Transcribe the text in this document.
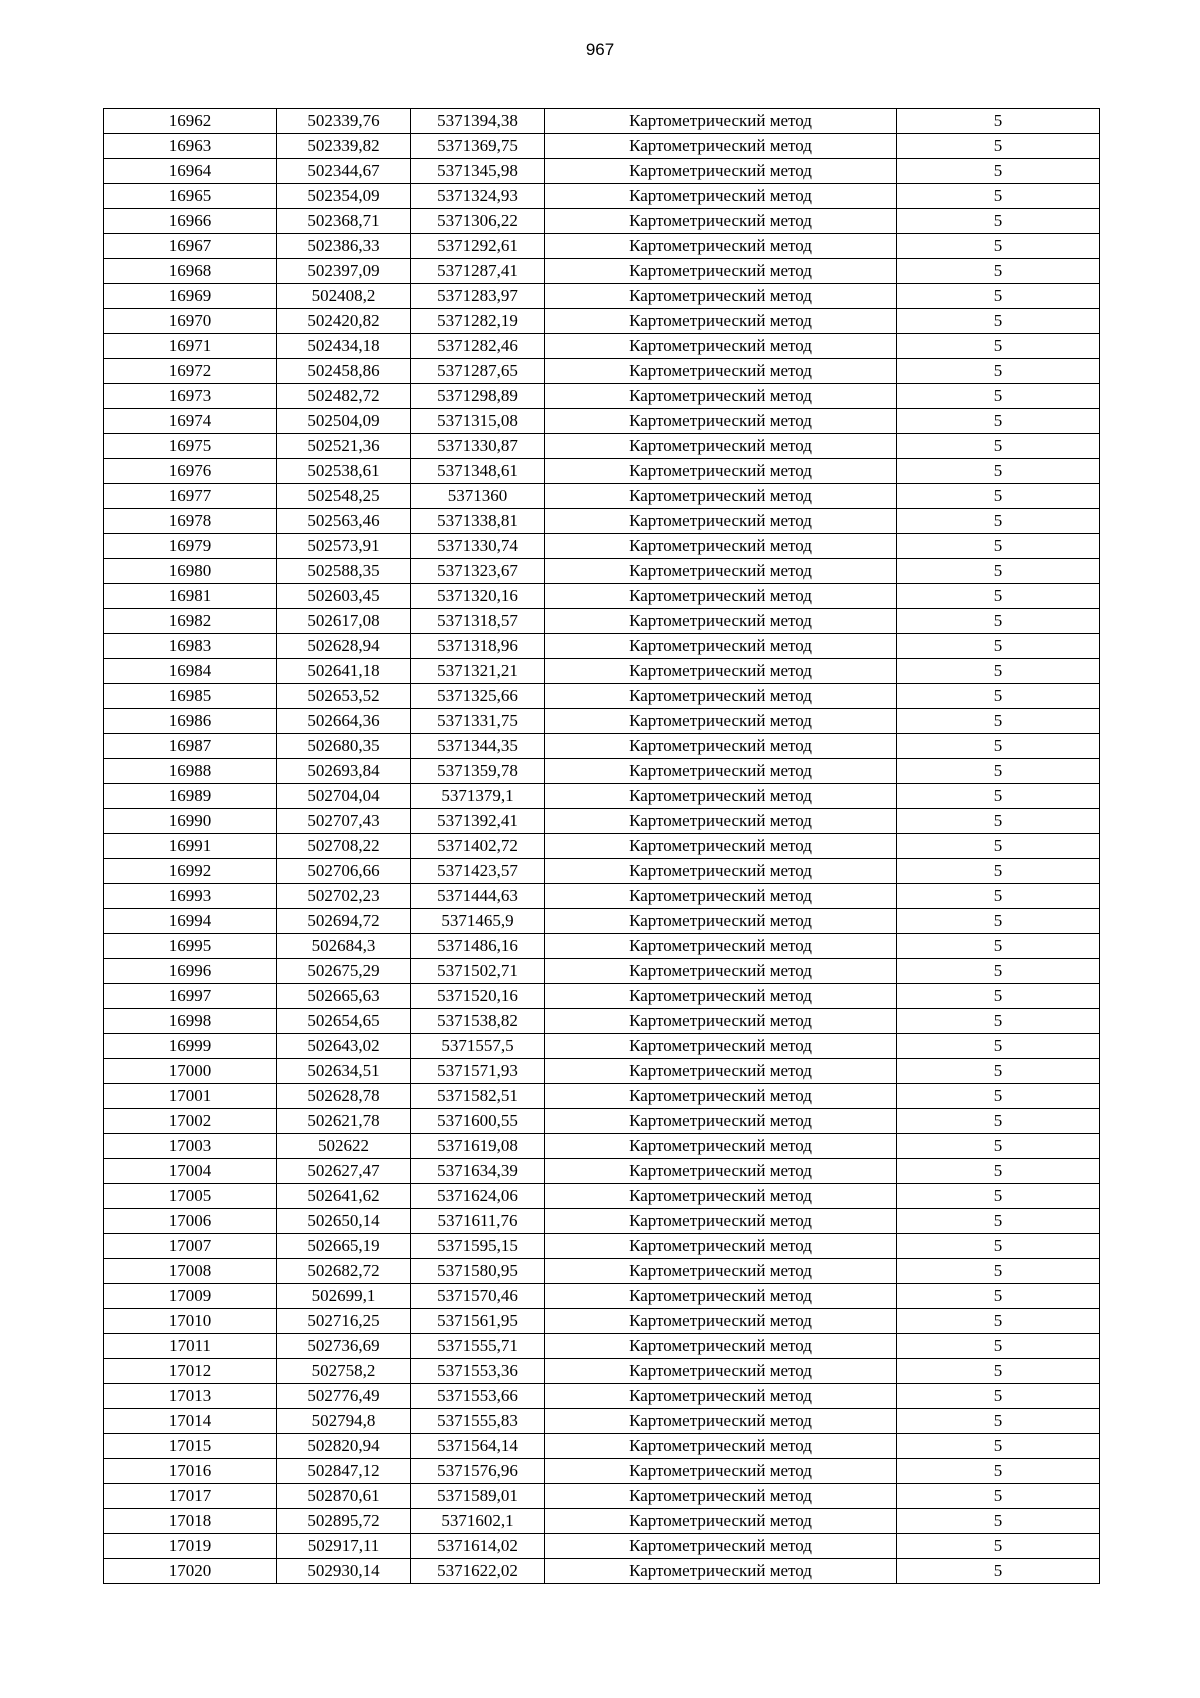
967
16962	502339,76	5371394,38	Картометрический метод	5
16963	502339,82	5371369,75	Картометрический метод	5
16964	502344,67	5371345,98	Картометрический метод	5
16965	502354,09	5371324,93	Картометрический метод	5
16966	502368,71	5371306,22	Картометрический метод	5
16967	502386,33	5371292,61	Картометрический метод	5
16968	502397,09	5371287,41	Картометрический метод	5
16969	502408,2	5371283,97	Картометрический метод	5
16970	502420,82	5371282,19	Картометрический метод	5
16971	502434,18	5371282,46	Картометрический метод	5
16972	502458,86	5371287,65	Картометрический метод	5
16973	502482,72	5371298,89	Картометрический метод	5
16974	502504,09	5371315,08	Картометрический метод	5
16975	502521,36	5371330,87	Картометрический метод	5
16976	502538,61	5371348,61	Картометрический метод	5
16977	502548,25	5371360	Картометрический метод	5
16978	502563,46	5371338,81	Картометрический метод	5
16979	502573,91	5371330,74	Картометрический метод	5
16980	502588,35	5371323,67	Картометрический метод	5
16981	502603,45	5371320,16	Картометрический метод	5
16982	502617,08	5371318,57	Картометрический метод	5
16983	502628,94	5371318,96	Картометрический метод	5
16984	502641,18	5371321,21	Картометрический метод	5
16985	502653,52	5371325,66	Картометрический метод	5
16986	502664,36	5371331,75	Картометрический метод	5
16987	502680,35	5371344,35	Картометрический метод	5
16988	502693,84	5371359,78	Картометрический метод	5
16989	502704,04	5371379,1	Картометрический метод	5
16990	502707,43	5371392,41	Картометрический метод	5
16991	502708,22	5371402,72	Картометрический метод	5
16992	502706,66	5371423,57	Картометрический метод	5
16993	502702,23	5371444,63	Картометрический метод	5
16994	502694,72	5371465,9	Картометрический метод	5
16995	502684,3	5371486,16	Картометрический метод	5
16996	502675,29	5371502,71	Картометрический метод	5
16997	502665,63	5371520,16	Картометрический метод	5
16998	502654,65	5371538,82	Картометрический метод	5
16999	502643,02	5371557,5	Картометрический метод	5
17000	502634,51	5371571,93	Картометрический метод	5
17001	502628,78	5371582,51	Картометрический метод	5
17002	502621,78	5371600,55	Картометрический метод	5
17003	502622	5371619,08	Картометрический метод	5
17004	502627,47	5371634,39	Картометрический метод	5
17005	502641,62	5371624,06	Картометрический метод	5
17006	502650,14	5371611,76	Картометрический метод	5
17007	502665,19	5371595,15	Картометрический метод	5
17008	502682,72	5371580,95	Картометрический метод	5
17009	502699,1	5371570,46	Картометрический метод	5
17010	502716,25	5371561,95	Картометрический метод	5
17011	502736,69	5371555,71	Картометрический метод	5
17012	502758,2	5371553,36	Картометрический метод	5
17013	502776,49	5371553,66	Картометрический метод	5
17014	502794,8	5371555,83	Картометрический метод	5
17015	502820,94	5371564,14	Картометрический метод	5
17016	502847,12	5371576,96	Картометрический метод	5
17017	502870,61	5371589,01	Картометрический метод	5
17018	502895,72	5371602,1	Картометрический метод	5
17019	502917,11	5371614,02	Картометрический метод	5
17020	502930,14	5371622,02	Картометрический метод	5
